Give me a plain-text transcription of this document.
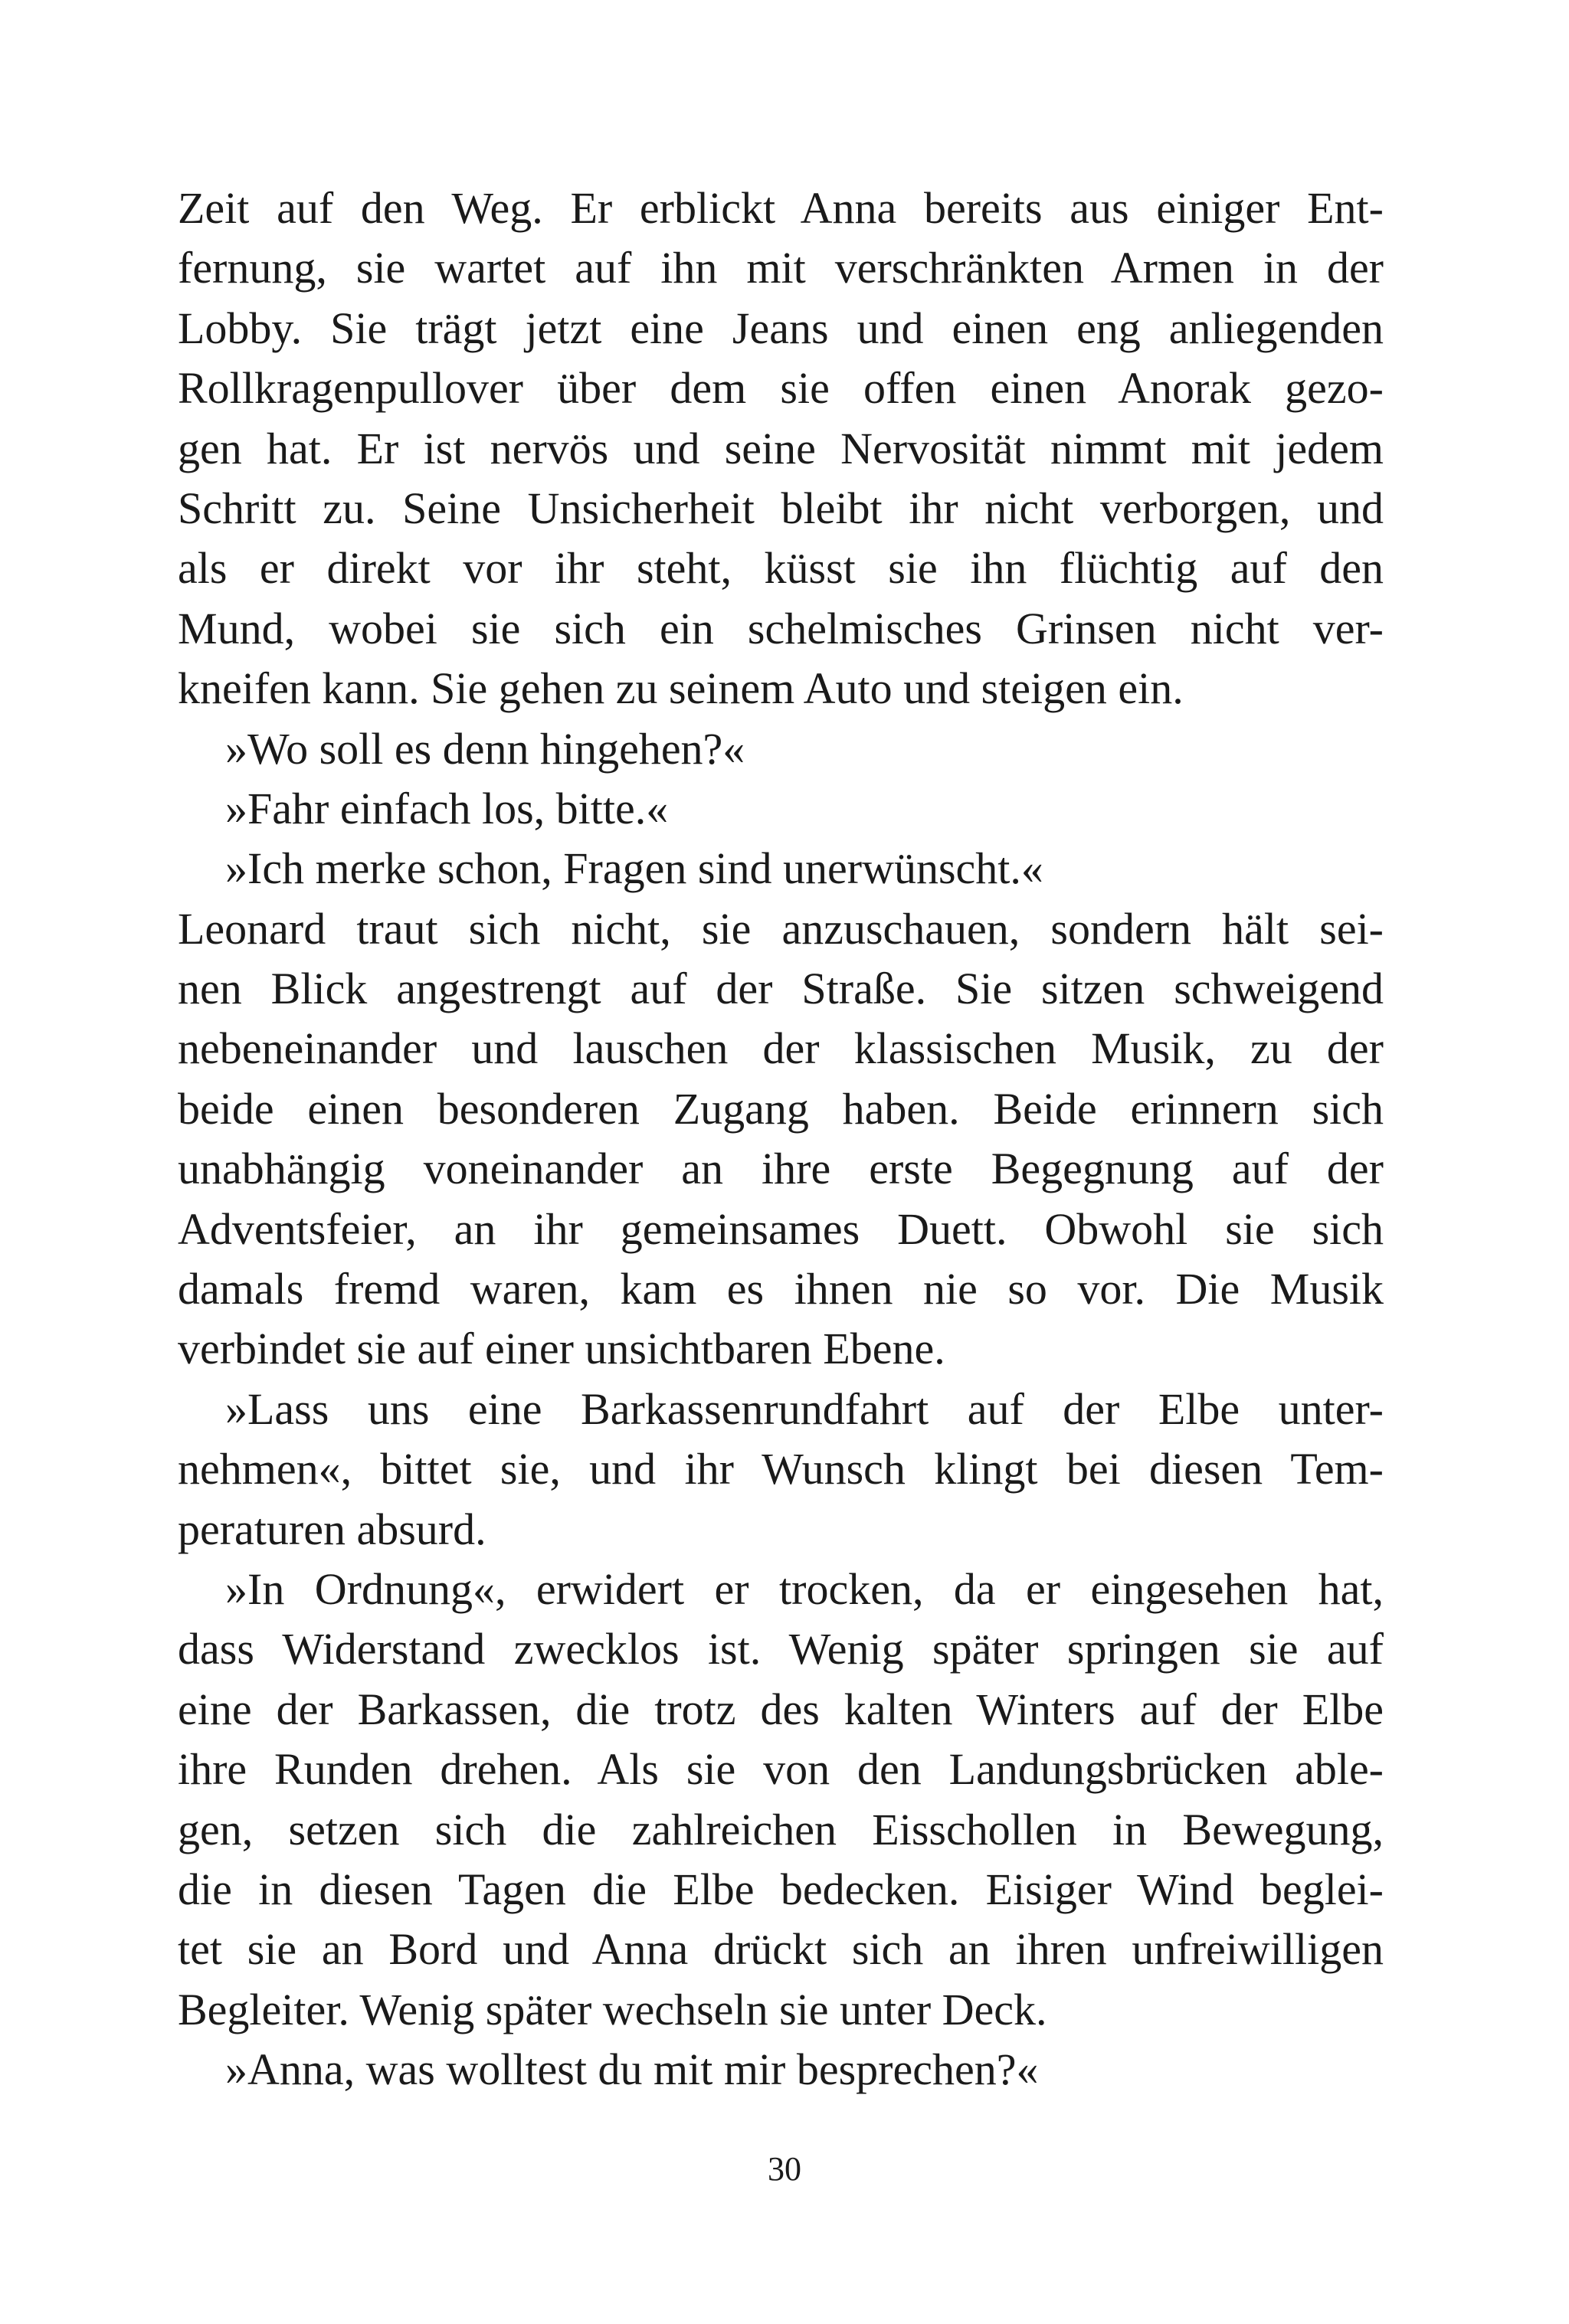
Zeit auf den Weg. Er erblickt Anna bereits aus einiger Ent-
fernung, sie wartet auf ihn mit verschränkten Armen in der
Lobby. Sie trägt jetzt eine Jeans und einen eng anliegenden
Rollkragenpullover über dem sie offen einen Anorak gezo-
gen hat. Er ist nervös und seine Nervosität nimmt mit jedem
Schritt zu. Seine Unsicherheit bleibt ihr nicht verborgen, und
als er direkt vor ihr steht, küsst sie ihn flüchtig auf den
Mund, wobei sie sich ein schelmisches Grinsen nicht ver-
kneifen kann. Sie gehen zu seinem Auto und steigen ein.
»Wo soll es denn hingehen?«
»Fahr einfach los, bitte.«
»Ich merke schon, Fragen sind unerwünscht.«
Leonard traut sich nicht, sie anzuschauen, sondern hält sei-
nen Blick angestrengt auf der Straße. Sie sitzen schweigend
nebeneinander und lauschen der klassischen Musik, zu der
beide einen besonderen Zugang haben. Beide erinnern sich
unabhängig voneinander an ihre erste Begegnung auf der
Adventsfeier, an ihr gemeinsames Duett. Obwohl sie sich
damals fremd waren, kam es ihnen nie so vor. Die Musik
verbindet sie auf einer unsichtbaren Ebene.
»Lass uns eine Barkassenrundfahrt auf der Elbe unter-
nehmen«, bittet sie, und ihr Wunsch klingt bei diesen Tem-
peraturen absurd.
»In Ordnung«, erwidert er trocken, da er eingesehen hat,
dass Widerstand zwecklos ist. Wenig später springen sie auf
eine der Barkassen, die trotz des kalten Winters auf der Elbe
ihre Runden drehen. Als sie von den Landungsbrücken able-
gen, setzen sich die zahlreichen Eisschollen in Bewegung,
die in diesen Tagen die Elbe bedecken. Eisiger Wind beglei-
tet sie an Bord und Anna drückt sich an ihren unfreiwilligen
Begleiter. Wenig später wechseln sie unter Deck.
»Anna, was wolltest du mit mir besprechen?«
30
